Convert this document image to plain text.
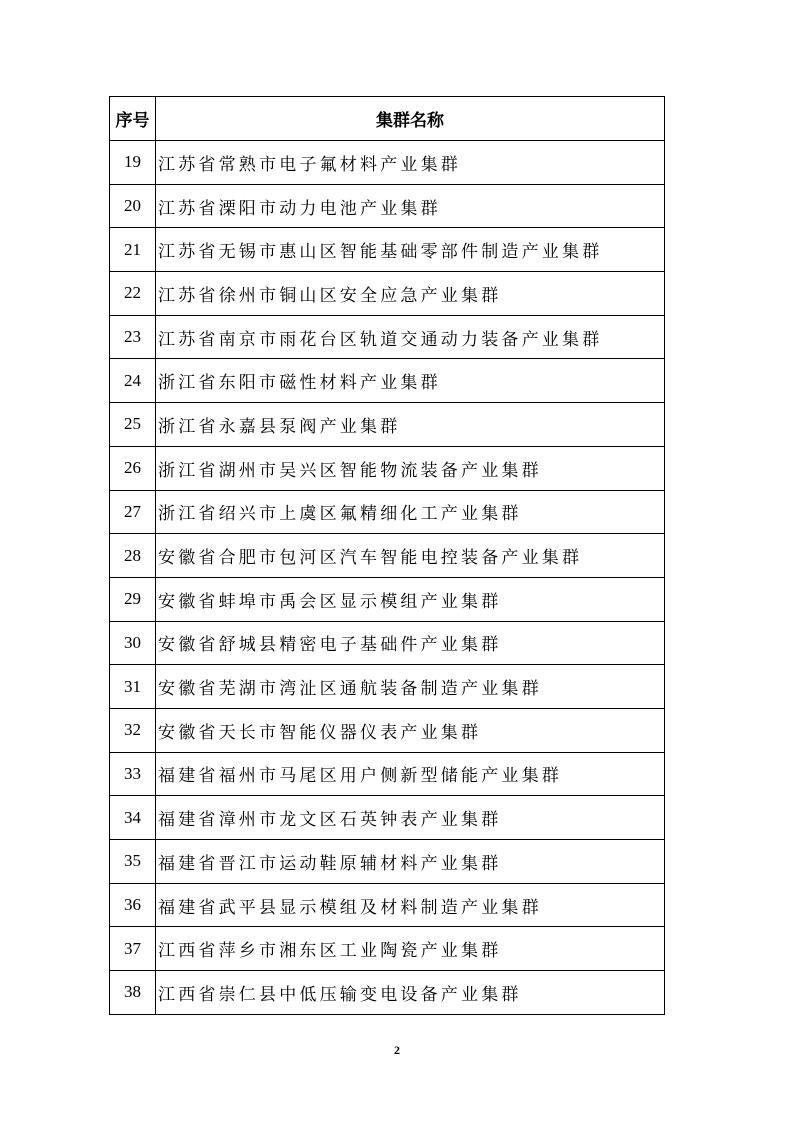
序号	集群名称
19	江苏省常熟市电子氟材料产业集群
20	江苏省溧阳市动力电池产业集群
21	江苏省无锡市惠山区智能基础零部件制造产业集群
22	江苏省徐州市铜山区安全应急产业集群
23	江苏省南京市雨花台区轨道交通动力装备产业集群
24	浙江省东阳市磁性材料产业集群
25	浙江省永嘉县泵阀产业集群
26	浙江省湖州市吴兴区智能物流装备产业集群
27	浙江省绍兴市上虞区氟精细化工产业集群
28	安徽省合肥市包河区汽车智能电控装备产业集群
29	安徽省蚌埠市禹会区显示模组产业集群
30	安徽省舒城县精密电子基础件产业集群
31	安徽省芜湖市湾沚区通航装备制造产业集群
32	安徽省天长市智能仪器仪表产业集群
33	福建省福州市马尾区用户侧新型储能产业集群
34	福建省漳州市龙文区石英钟表产业集群
35	福建省晋江市运动鞋原辅材料产业集群
36	福建省武平县显示模组及材料制造产业集群
37	江西省萍乡市湘东区工业陶瓷产业集群
38	江西省崇仁县中低压输变电设备产业集群
2
